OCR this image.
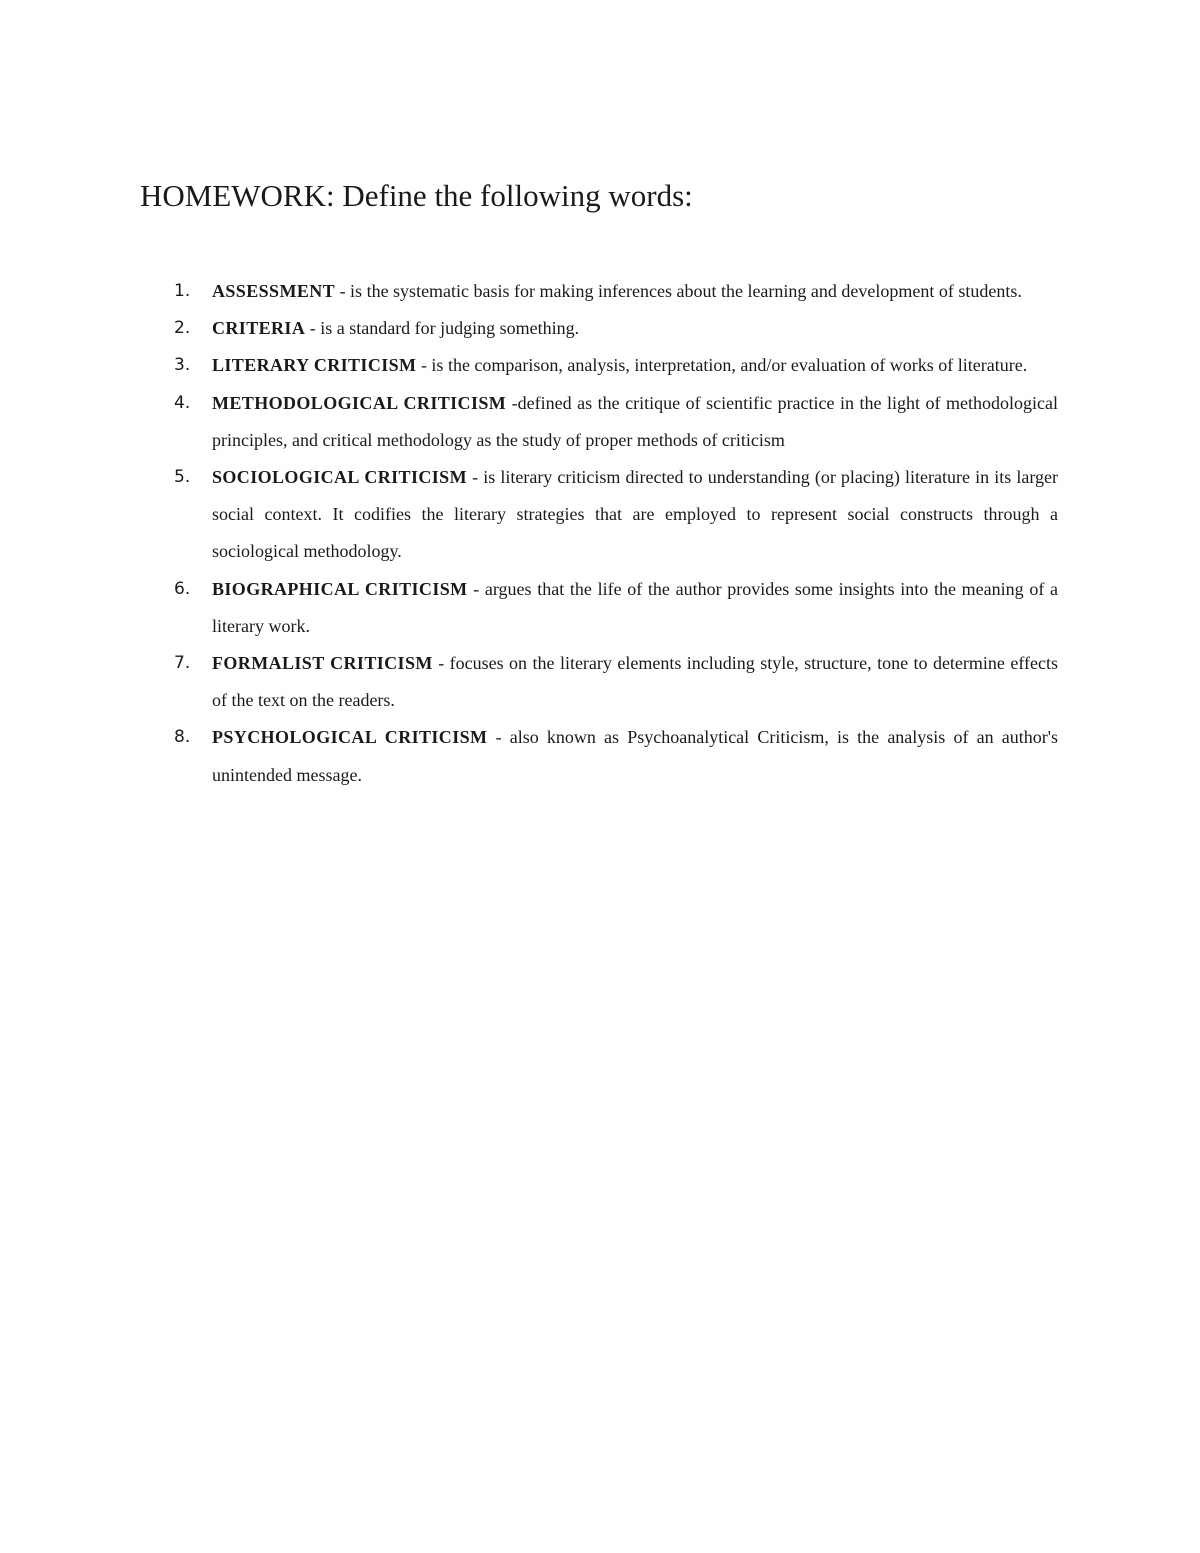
HOMEWORK: Define the following words:
1. ASSESSMENT - is the systematic basis for making inferences about the learning and development of students.
2. CRITERIA - is a standard for judging something.
3. LITERARY CRITICISM - is the comparison, analysis, interpretation, and/or evaluation of works of literature.
4. METHODOLOGICAL CRITICISM -defined as the critique of scientific practice in the light of methodological principles, and critical methodology as the study of proper methods of criticism
5. SOCIOLOGICAL CRITICISM - is literary criticism directed to understanding (or placing) literature in its larger social context. It codifies the literary strategies that are employed to represent social constructs through a sociological methodology.
6. BIOGRAPHICAL CRITICISM - argues that the life of the author provides some insights into the meaning of a literary work.
7. FORMALIST CRITICISM - focuses on the literary elements including style, structure, tone to determine effects of the text on the readers.
8. PSYCHOLOGICAL CRITICISM - also known as Psychoanalytical Criticism, is the analysis of an author's unintended message.
